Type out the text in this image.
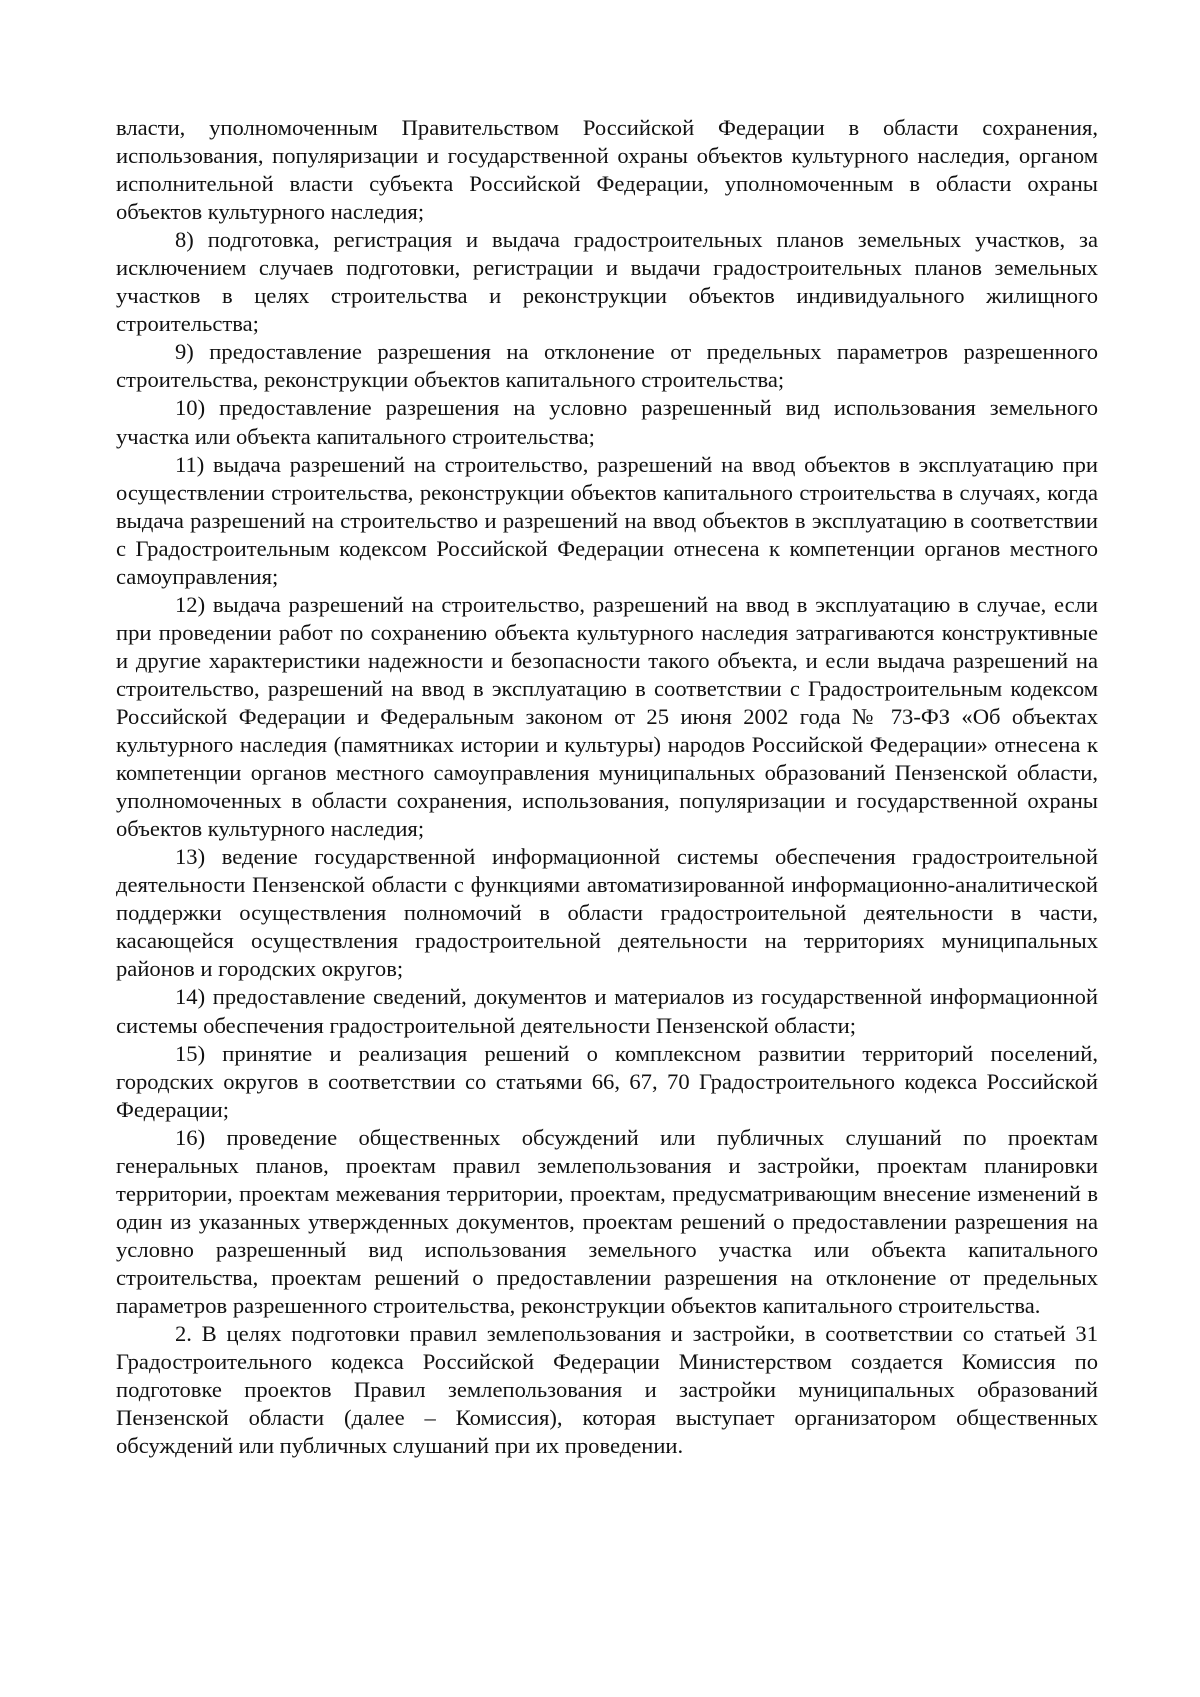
власти, уполномоченным Правительством Российской Федерации в области сохранения, использования, популяризации и государственной охраны объектов культурного наследия, органом исполнительной власти субъекта Российской Федерации, уполномоченным в области охраны объектов культурного наследия;

8) подготовка, регистрация и выдача градостроительных планов земельных участков, за исключением случаев подготовки, регистрации и выдачи градостроительных планов земельных участков в целях строительства и реконструкции объектов индивидуального жилищного строительства;

9) предоставление разрешения на отклонение от предельных параметров разрешенного строительства, реконструкции объектов капитального строительства;

10) предоставление разрешения на условно разрешенный вид использования земельного участка или объекта капитального строительства;

11) выдача разрешений на строительство, разрешений на ввод объектов в эксплуатацию при осуществлении строительства, реконструкции объектов капитального строительства в случаях, когда выдача разрешений на строительство и разрешений на ввод объектов в эксплуатацию в соответствии с Градостроительным кодексом Российской Федерации отнесена к компетенции органов местного самоуправления;

12) выдача разрешений на строительство, разрешений на ввод в эксплуатацию в случае, если при проведении работ по сохранению объекта культурного наследия затрагиваются конструктивные и другие характеристики надежности и безопасности такого объекта, и если выдача разрешений на строительство, разрешений на ввод в эксплуатацию в соответствии с Градостроительным кодексом Российской Федерации и Федеральным законом от 25 июня 2002 года № 73-ФЗ «Об объектах культурного наследия (памятниках истории и культуры) народов Российской Федерации» отнесена к компетенции органов местного самоуправления муниципальных образований Пензенской области, уполномоченных в области сохранения, использования, популяризации и государственной охраны объектов культурного наследия;

13) ведение государственной информационной системы обеспечения градостроительной деятельности Пензенской области с функциями автоматизированной информационно-аналитической поддержки осуществления полномочий в области градостроительной деятельности в части, касающейся осуществления градостроительной деятельности на территориях муниципальных районов и городских округов;

14) предоставление сведений, документов и материалов из государственной информационной системы обеспечения градостроительной деятельности Пензенской области;

15) принятие и реализация решений о комплексном развитии территорий поселений, городских округов в соответствии со статьями 66, 67, 70 Градостроительного кодекса Российской Федерации;

16) проведение общественных обсуждений или публичных слушаний по проектам генеральных планов, проектам правил землепользования и застройки, проектам планировки территории, проектам межевания территории, проектам, предусматривающим внесение изменений в один из указанных утвержденных документов, проектам решений о предоставлении разрешения на условно разрешенный вид использования земельного участка или объекта капитального строительства, проектам решений о предоставлении разрешения на отклонение от предельных параметров разрешенного строительства, реконструкции объектов капитального строительства.

2. В целях подготовки правил землепользования и застройки, в соответствии со статьей 31 Градостроительного кодекса Российской Федерации Министерством создается Комиссия по подготовке проектов Правил землепользования и застройки муниципальных образований Пензенской области (далее – Комиссия), которая выступает организатором общественных обсуждений или публичных слушаний при их проведении.
